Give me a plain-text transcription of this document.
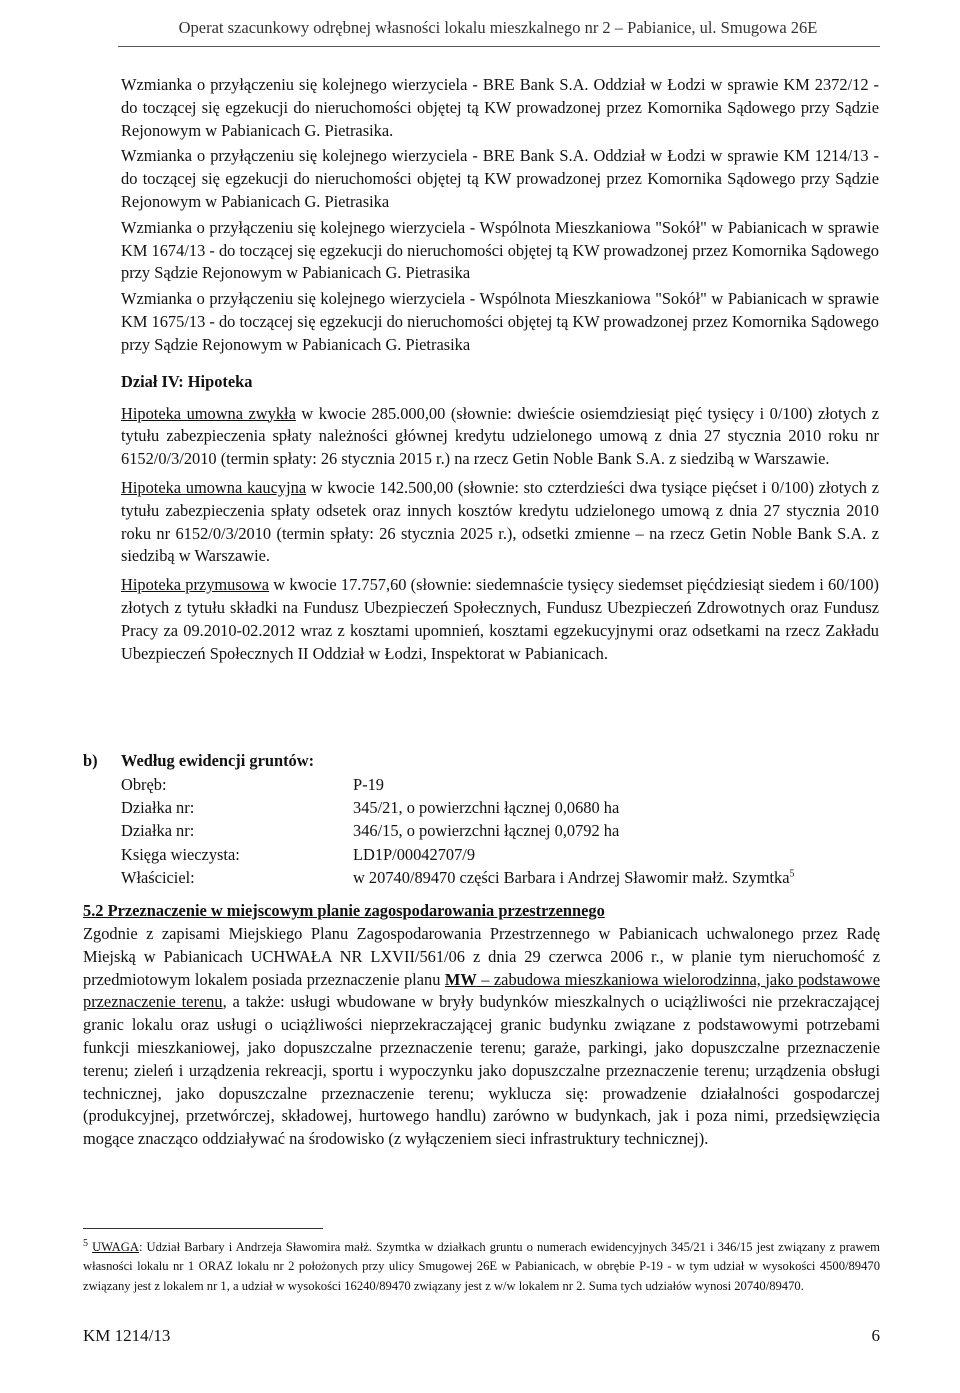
Operat szacunkowy odrębnej własności lokalu mieszkalnego nr 2 – Pabianice, ul. Smugowa 26E

Wzmianka o przyłączeniu się kolejnego wierzyciela - BRE Bank S.A. Oddział w Łodzi w sprawie KM 2372/12 - do toczącej się egzekucji do nieruchomości objętej tą KW prowadzonej przez Komornika Sądowego przy Sądzie Rejonowym w Pabianicach G. Pietrasika.

Wzmianka o przyłączeniu się kolejnego wierzyciela - BRE Bank S.A. Oddział w Łodzi w sprawie KM 1214/13 - do toczącej się egzekucji do nieruchomości objętej tą KW prowadzonej przez Komornika Sądowego przy Sądzie Rejonowym w Pabianicach G. Pietrasika

Wzmianka o przyłączeniu się kolejnego wierzyciela - Wspólnota Mieszkaniowa "Sokół" w Pabianicach w sprawie KM 1674/13 - do toczącej się egzekucji do nieruchomości objętej tą KW prowadzonej przez Komornika Sądowego przy Sądzie Rejonowym w Pabianicach G. Pietrasika

Wzmianka o przyłączeniu się kolejnego wierzyciela - Wspólnota Mieszkaniowa "Sokół" w Pabianicach w sprawie KM 1675/13 - do toczącej się egzekucji do nieruchomości objętej tą KW prowadzonej przez Komornika Sądowego przy Sądzie Rejonowym w Pabianicach G. Pietrasika

Dział IV: Hipoteka

Hipoteka umowna zwykła w kwocie 285.000,00 (słownie: dwieście osiemdziesiąt pięć tysięcy i 0/100) złotych z tytułu zabezpieczenia spłaty należności głównej kredytu udzielonego umową z dnia 27 stycznia 2010 roku nr 6152/0/3/2010 (termin spłaty: 26 stycznia 2015 r.) na rzecz Getin Noble Bank S.A. z siedzibą w Warszawie.

Hipoteka umowna kaucyjna w kwocie 142.500,00 (słownie: sto czterdzieści dwa tysiące pięćset i 0/100) złotych z tytułu zabezpieczenia spłaty odsetek oraz innych kosztów kredytu udzielonego umową z dnia 27 stycznia 2010 roku nr 6152/0/3/2010 (termin spłaty: 26 stycznia 2025 r.), odsetki zmienne – na rzecz Getin Noble Bank S.A. z siedzibą w Warszawie.

Hipoteka przymusowa w kwocie 17.757,60 (słownie: siedemnaście tysięcy siedemset pięćdziesiąt siedem i 60/100) złotych z tytułu składki na Fundusz Ubezpieczeń Społecznych, Fundusz Ubezpieczeń Zdrowotnych oraz Fundusz Pracy za 09.2010-02.2012 wraz z kosztami upomnień, kosztami egzekucyjnymi oraz odsetkami na rzecz Zakładu Ubezpieczeń Społecznych II Oddział w Łodzi, Inspektorat w Pabianicach.

b)	Według ewidencji gruntów:
Obręb:	P-19
Działka nr:	345/21, o powierzchni łącznej 0,0680 ha
Działka nr:	346/15, o powierzchni łącznej 0,0792 ha
Księga wieczysta:	LD1P/00042707/9
Właściciel:	w 20740/89470 części Barbara i Andrzej Sławomir małż. Szymtka$^5$
5.2 Przeznaczenie w miejscowym planie zagospodarowania przestrzennego

Zgodnie z zapisami Miejskiego Planu Zagospodarowania Przestrzennego w Pabianicach uchwalonego przez Radę Miejską w Pabianicach UCHWAŁA NR LXVII/561/06 z dnia 29 czerwca 2006 r., w planie tym nieruchomość z przedmiotowym lokalem posiada przeznaczenie planu MW – zabudowa mieszkaniowa wielorodzinna, jako podstawowe przeznaczenie terenu, a także: usługi wbudowane w bryły budynków mieszkalnych o uciążliwości nie przekraczającej granic lokalu oraz usługi o uciążliwości nieprzekraczającej granic budynku związane z podstawowymi potrzebami funkcji mieszkaniowej, jako dopuszczalne przeznaczenie terenu; garaże, parkingi, jako dopuszczalne przeznaczenie terenu; zieleń i urządzenia rekreacji, sportu i wypoczynku jako dopuszczalne przeznaczenie terenu; urządzenia obsługi technicznej, jako dopuszczalne przeznaczenie terenu; wyklucza się: prowadzenie działalności gospodarczej (produkcyjnej, przetwórczej, składowej, hurtowego handlu) zarówno w budynkach, jak i poza nimi, przedsięwzięcia mogące znacząco oddziaływać na środowisko (z wyłączeniem sieci infrastruktury technicznej).

$^5$ UWAGA: Udział Barbary i Andrzeja Sławomira małż. Szymtka w działkach gruntu o numerach ewidencyjnych 345/21 i 346/15 jest związany z prawem własności lokalu nr 1 ORAZ lokalu nr 2 położonych przy ulicy Smugowej 26E w Pabianicach, w obrębie P-19 - w tym udział w wysokości 4500/89470 związany jest z lokalem nr 1, a udział w wysokości 16240/89470 związany jest z w/w lokalem nr 2. Suma tych udziałów wynosi 20740/89470.
KM 1214/13	6
